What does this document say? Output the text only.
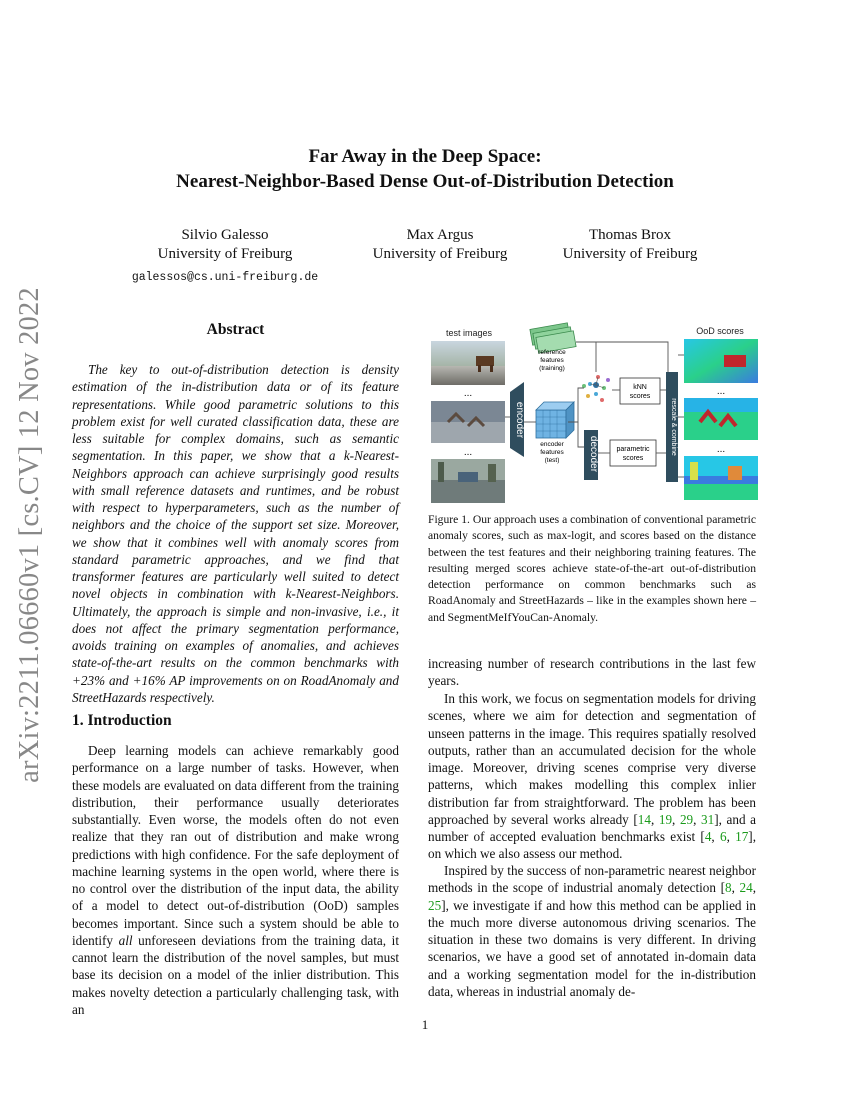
arXiv:2211.06660v1 [cs.CV] 12 Nov 2022
Far Away in the Deep Space:
Nearest-Neighbor-Based Dense Out-of-Distribution Detection
Silvio Galesso
University of Freiburg
galessos@cs.uni-freiburg.de
Max Argus
University of Freiburg
Thomas Brox
University of Freiburg
Abstract

The key to out-of-distribution detection is density estimation of the in-distribution data or of its feature representations. While good parametric solutions to this problem exist for well curated classification data, these are less suitable for complex domains, such as semantic segmentation. In this paper, we show that a k-Nearest-Neighbors approach can achieve surprisingly good results with small reference datasets and runtimes, and be robust with respect to hyperparameters, such as the number of neighbors and the choice of the support set size. Moreover, we show that it combines well with anomaly scores from standard parametric approaches, and we find that transformer features are particularly well suited to detect novel objects in combination with k-Nearest-Neighbors. Ultimately, the approach is simple and non-invasive, i.e., it does not affect the primary segmentation performance, avoids training on examples of anomalies, and achieves state-of-the-art results on the common benchmarks with +23% and +16% AP improvements on on RoadAnomaly and StreetHazards respectively.

1. Introduction

Deep learning models can achieve remarkably good performance on a large number of tasks. However, when these models are evaluated on data different from the training distribution, their performance usually deteriorates substantially. Even worse, the models often do not even realize that they ran out of distribution and make wrong predictions with high confidence. For the safe deployment of machine learning systems in the open world, where there is no control over the distribution of the input data, the ability of a model to detect out-of-distribution (OoD) samples becomes important. Since such a system should be able to identify all unforeseen deviations from the training data, it cannot learn the distribution of the novel samples, but must base its decision on a model of the inlier distribution. This makes novelty detection a particularly challenging task, with an

test images	OoD scores
...
...
reference
features
(training)
encoder
encoder
features
(test)	decoder
kNN
scores
parametric
scores
rescale & combine
...
...

Figure 1. Our approach uses a combination of conventional parametric anomaly scores, such as max-logit, and scores based on the distance between the test features and their neighboring training features. The resulting merged scores achieve state-of-the-art out-of-distribution detection performance on common benchmarks such as RoadAnomaly and StreetHazards – like in the examples shown here – and SegmentMeIfYouCan-Anomaly.

increasing number of research contributions in the last few years.

In this work, we focus on segmentation models for driving scenes, where we aim for detection and segmentation of unseen patterns in the image. This requires spatially resolved outputs, rather than an accumulated decision for the whole image. Moreover, driving scenes comprise very diverse patterns, which makes modelling this complex inlier distribution far from straightforward. The problem has been approached by several works already [14, 19, 29, 31], and a number of accepted evaluation benchmarks exist [4, 6, 17], on which we also assess our method.

Inspired by the success of non-parametric nearest neighbor methods in the scope of industrial anomaly detection [8, 24, 25], we investigate if and how this method can be applied in the much more diverse autonomous driving scenarios. The situation in these two domains is very different. In driving scenarios, we have a good set of annotated in-domain data and a working segmentation model for the in-distribution data, whereas in industrial anomaly de-

1
